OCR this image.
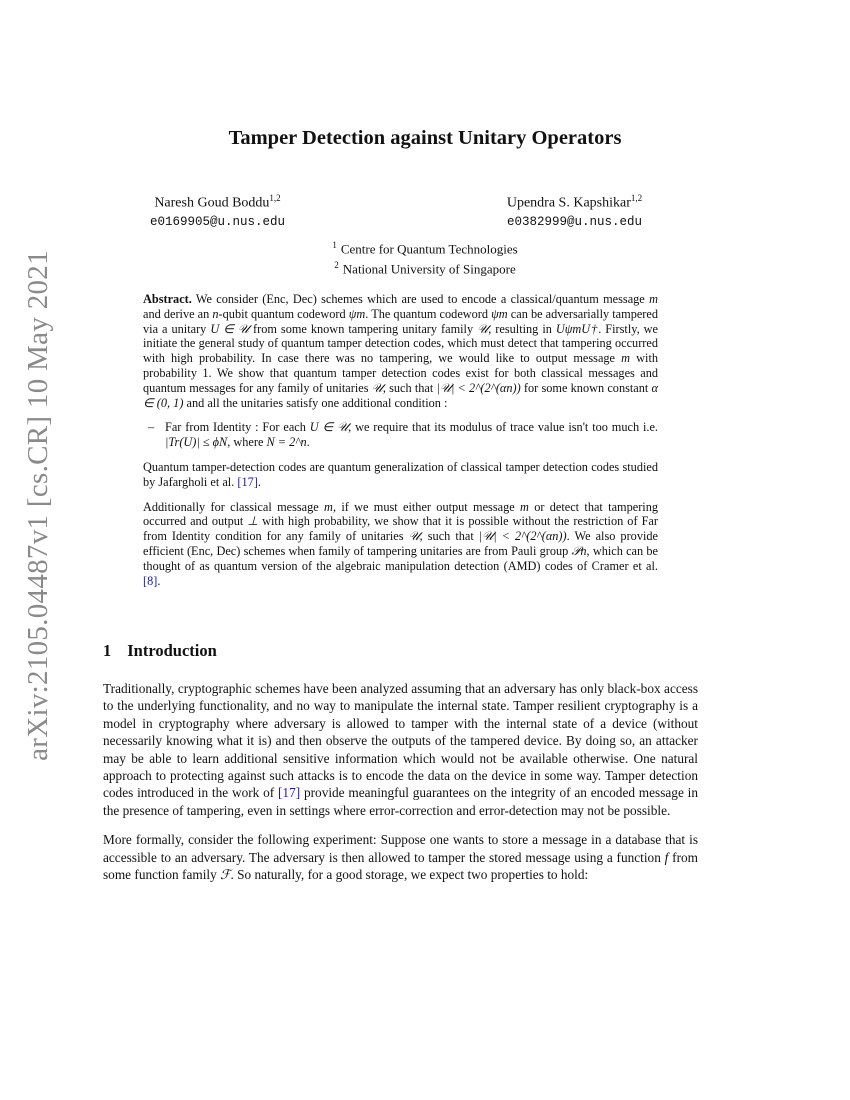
arXiv:2105.04487v1 [cs.CR] 10 May 2021
Tamper Detection against Unitary Operators
Naresh Goud Boddu$^{1,2}$
e0169905@u.nus.edu
Upendra S. Kapshikar$^{1,2}$
e0382999@u.nus.edu
$^1$ Centre for Quantum Technologies
$^2$ National University of Singapore

Abstract. We consider (Enc, Dec) schemes which are used to encode a classical/quantum message m and derive an n-qubit quantum codeword ψm. The quantum codeword ψm can be adversarially tampered via a unitary U ∈ 𝒰 from some known tampering unitary family 𝒰, resulting in UψmU†. Firstly, we initiate the general study of quantum tamper detection codes, which must detect that tampering occurred with high probability. In case there was no tampering, we would like to output message m with probability 1. We show that quantum tamper detection codes exist for both classical messages and quantum messages for any family of unitaries 𝒰, such that |𝒰| < 2^(2^(αn)) for some known constant α ∈ (0, 1) and all the unitaries satisfy one additional condition :

– Far from Identity : For each U ∈ 𝒰, we require that its modulus of trace value isn't too much i.e. |Tr(U)| ≤ ϕN, where N = 2^n.

Quantum tamper-detection codes are quantum generalization of classical tamper detection codes studied by Jafargholi et al. [17].

Additionally for classical message m, if we must either output message m or detect that tampering occurred and output ⊥ with high probability, we show that it is possible without the restriction of Far from Identity condition for any family of unitaries 𝒰, such that |𝒰| < 2^(2^(αn)). We also provide efficient (Enc, Dec) schemes when family of tampering unitaries are from Pauli group 𝒫n, which can be thought of as quantum version of the algebraic manipulation detection (AMD) codes of Cramer et al. [8].

1 Introduction

Traditionally, cryptographic schemes have been analyzed assuming that an adversary has only black-box access to the underlying functionality, and no way to manipulate the internal state. Tamper resilient cryptography is a model in cryptography where adversary is allowed to tamper with the internal state of a device (without necessarily knowing what it is) and then observe the outputs of the tampered device. By doing so, an attacker may be able to learn additional sensitive information which would not be available otherwise. One natural approach to protecting against such attacks is to encode the data on the device in some way. Tamper detection codes introduced in the work of [17] provide meaningful guarantees on the integrity of an encoded message in the presence of tampering, even in settings where error-correction and error-detection may not be possible.

More formally, consider the following experiment: Suppose one wants to store a message in a database that is accessible to an adversary. The adversary is then allowed to tamper the stored message using a function f from some function family ℱ. So naturally, for a good storage, we expect two properties to hold:
